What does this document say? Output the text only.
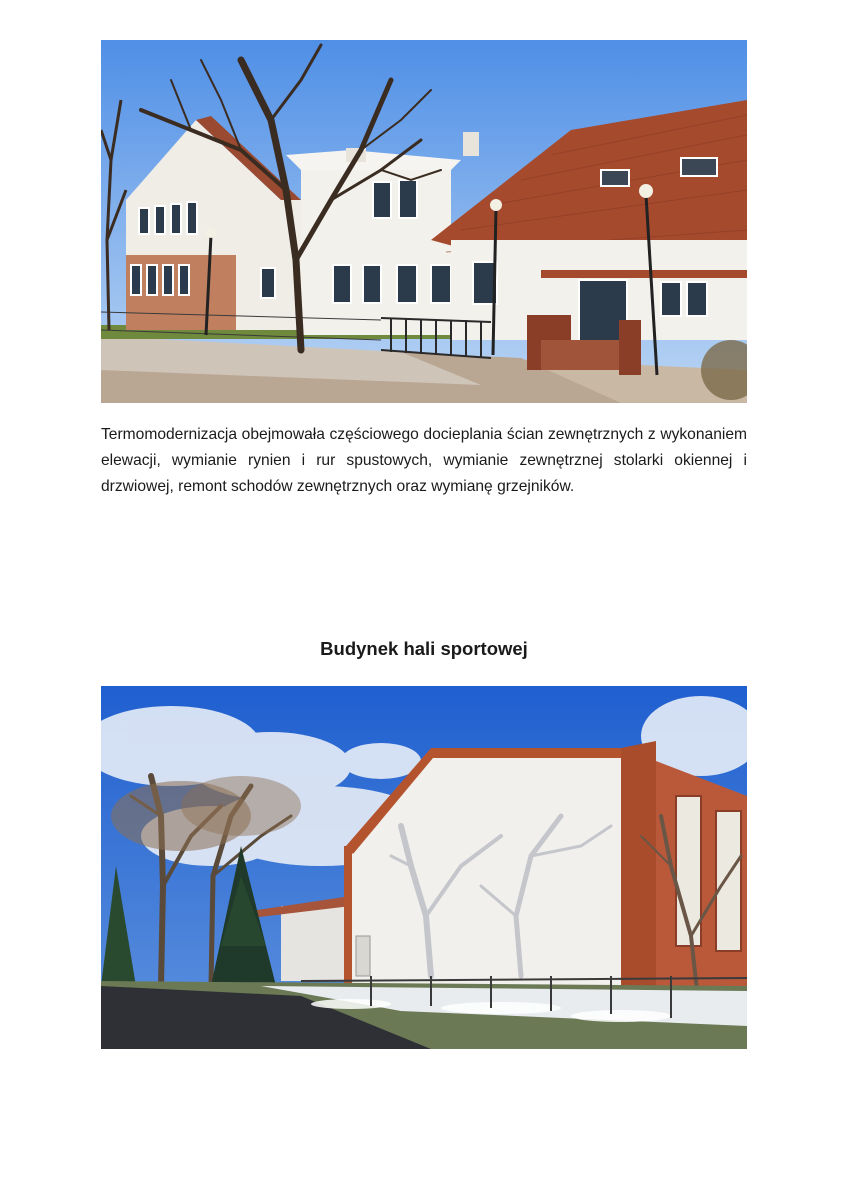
Termomodernizacja obejmowała częściowego docieplania ścian zewnętrznych z wykonaniem elewacji, wymianie rynien i rur spustowych, wymianie zewnętrznej stolarki okiennej i drzwiowej, remont schodów zewnętrznych oraz wymianę grzejników.

Budynek hali sportowej
